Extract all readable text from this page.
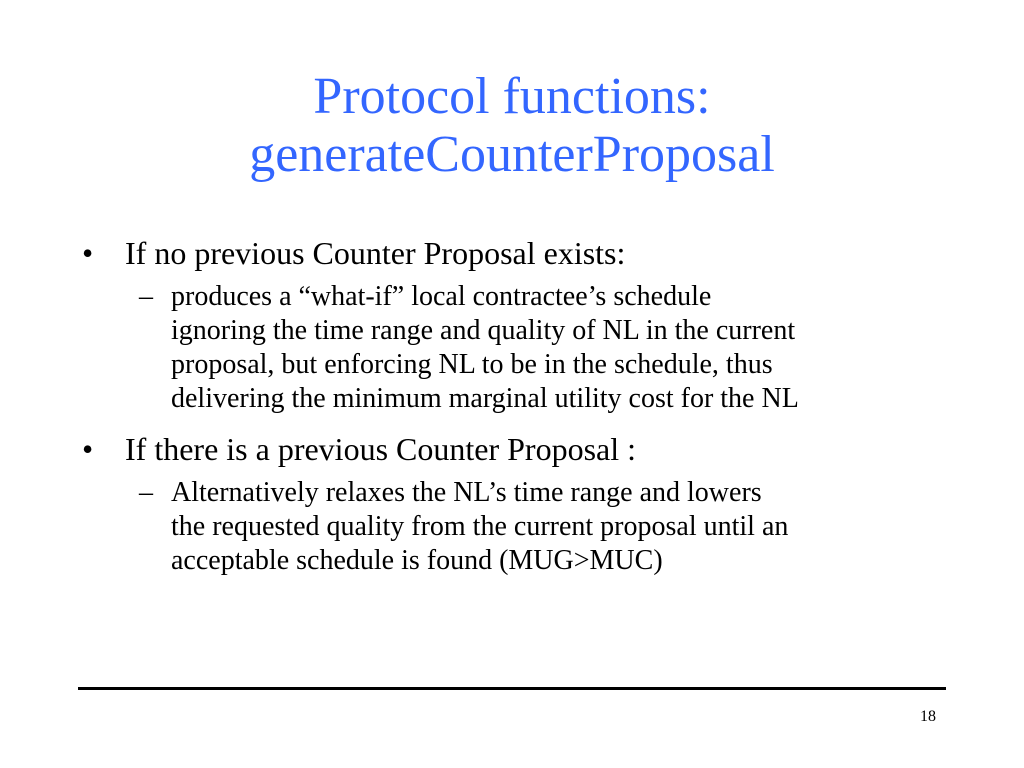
Protocol functions:
generateCounterProposal
• If no previous Counter Proposal exists:
– produces a “what-if” local contractee’s schedule
ignoring the time range and quality of NL in the current
proposal, but enforcing NL to be in the schedule, thus
delivering the minimum marginal utility cost for the NL
• If there is a previous Counter Proposal :
– Alternatively relaxes the NL’s time range and lowers
the requested quality from the current proposal until an
acceptable schedule is found (MUG>MUC)
18
